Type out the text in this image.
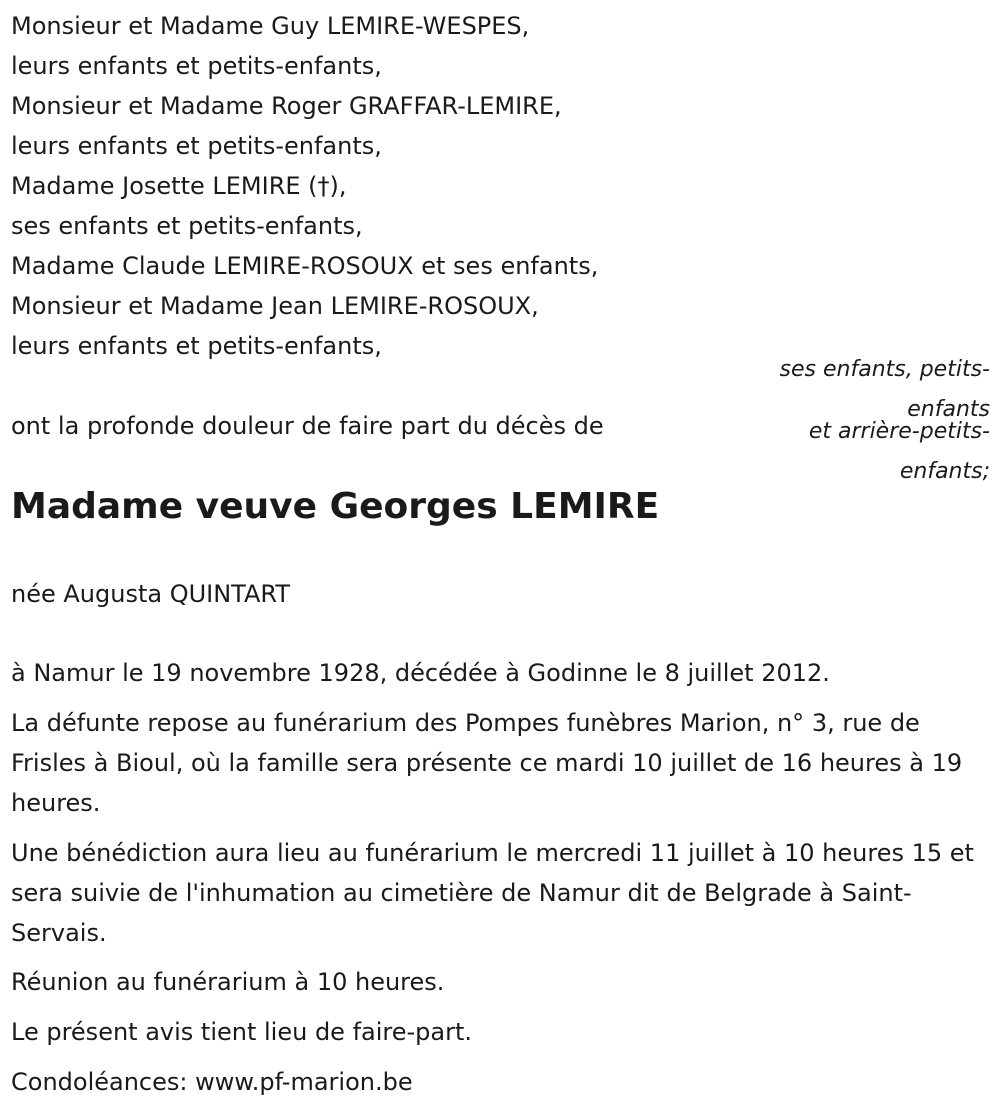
Monsieur et Madame Guy LEMIRE-WESPES,

leurs enfants et petits-enfants,

Monsieur et Madame Roger GRAFFAR-LEMIRE,

leurs enfants et petits-enfants,

Madame Josette LEMIRE (†),

ses enfants et petits-enfants,

Madame Claude LEMIRE-ROSOUX et ses enfants,

Monsieur et Madame Jean LEMIRE-ROSOUX,

leurs enfants et petits-enfants,

ses enfants, petits-

enfants

et arrière-petits-

enfants;

ont la profonde douleur de faire part du décès de

Madame veuve Georges LEMIRE

née Augusta QUINTART

à Namur le 19 novembre 1928, décédée à Godinne le 8 juillet 2012.

La défunte repose au funérarium des Pompes funèbres Marion, n° 3, rue de Frisles à Bioul, où la famille sera présente ce mardi 10 juillet de 16 heures à 19 heures.

Une bénédiction aura lieu au funérarium le mercredi 11 juillet à 10 heures 15 et sera suivie de l'inhumation au cimetière de Namur dit de Belgrade à Saint-Servais.

Réunion au funérarium à 10 heures.

Le présent avis tient lieu de faire-part.

Condoléances: www.pf-marion.be
